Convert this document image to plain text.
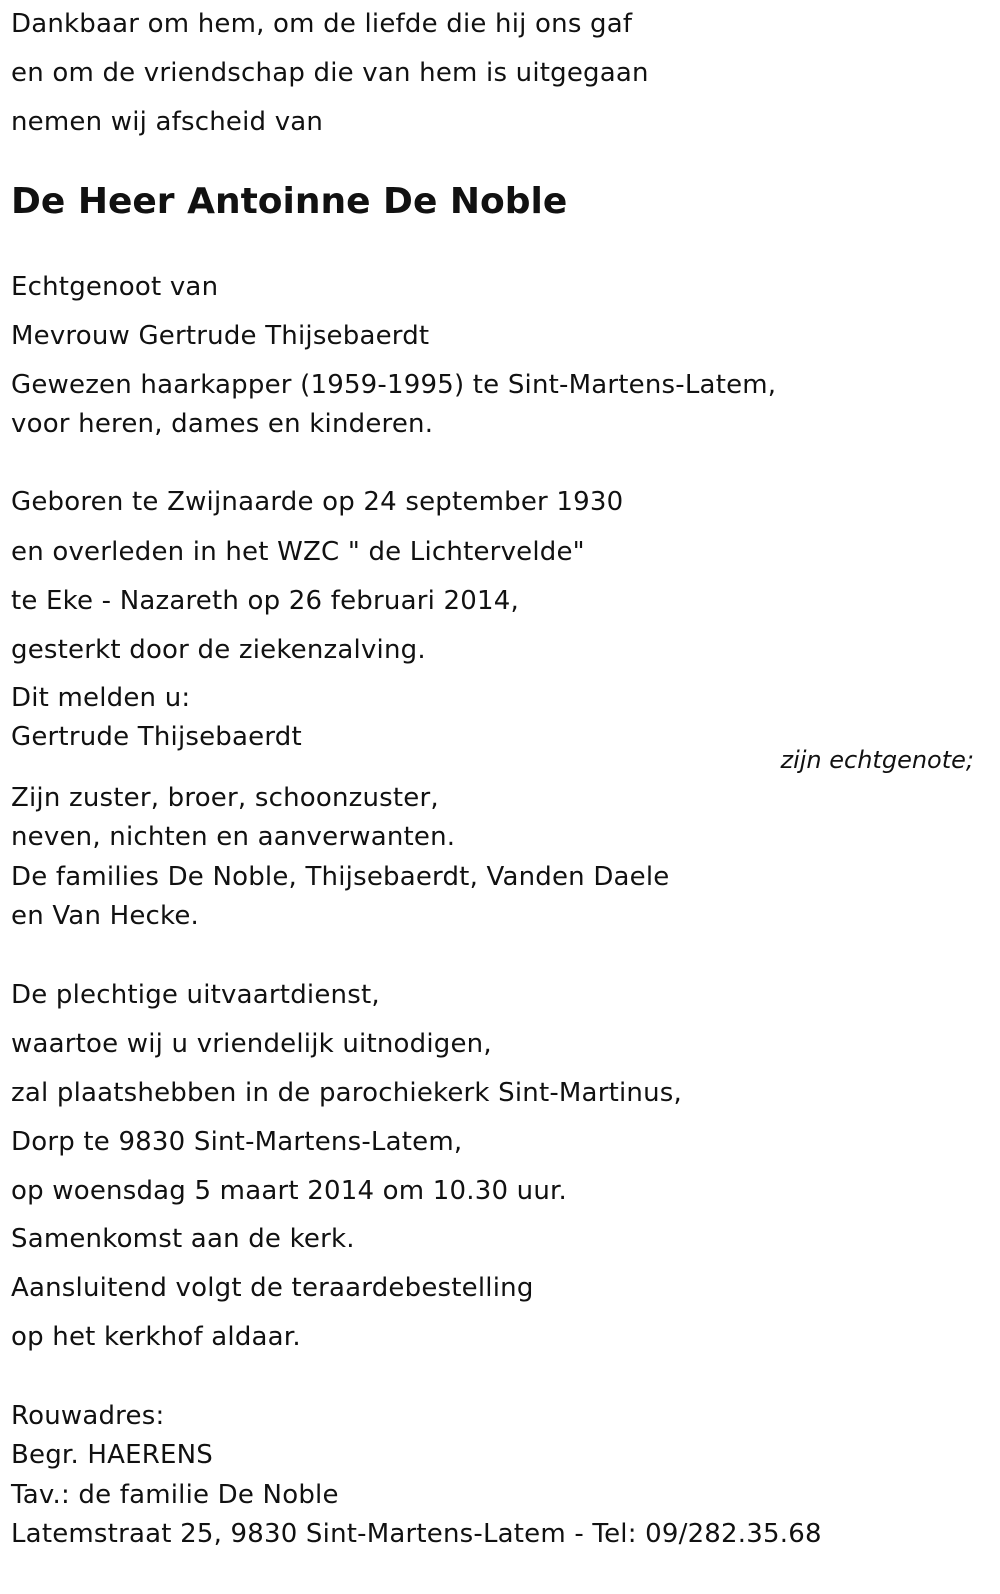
Dankbaar om hem, om de liefde die hij ons gaf
en om de vriendschap die van hem is uitgegaan
nemen wij afscheid van
De Heer Antoinne De Noble
Echtgenoot van
Mevrouw Gertrude Thijsebaerdt
Gewezen haarkapper (1959-1995) te Sint-Martens-Latem,
voor heren, dames en kinderen.
Geboren te Zwijnaarde op 24 september 1930
en overleden in het WZC " de Lichtervelde"
te Eke - Nazareth op 26 februari 2014,
gesterkt door de ziekenzalving.
Dit melden u:
Gertrude Thijsebaerdt
zijn echtgenote;
Zijn zuster, broer, schoonzuster,
neven, nichten en aanverwanten.
De families De Noble, Thijsebaerdt, Vanden Daele
en Van Hecke.
De plechtige uitvaartdienst,
waartoe wij u vriendelijk uitnodigen,
zal plaatshebben in de parochiekerk Sint-Martinus,
Dorp te 9830 Sint-Martens-Latem,
op woensdag 5 maart 2014 om 10.30 uur.
Samenkomst aan de kerk.
Aansluitend volgt de teraardebestelling
op het kerkhof aldaar.
Rouwadres:
Begr. HAERENS
Tav.: de familie De Noble
Latemstraat 25, 9830 Sint-Martens-Latem - Tel: 09/282.35.68
